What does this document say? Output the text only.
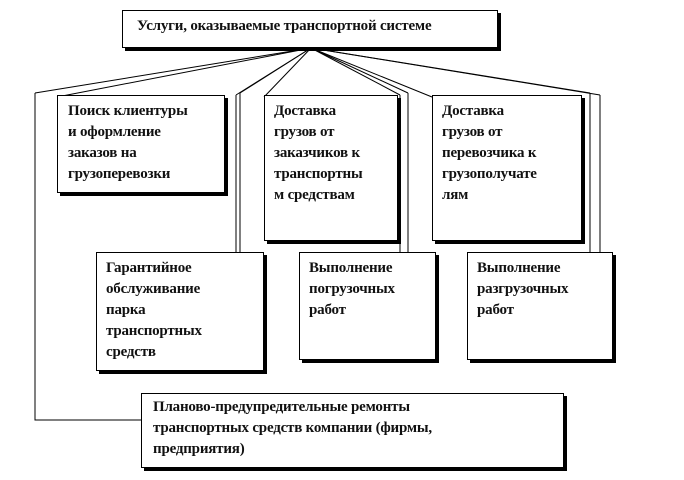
Услуги, оказываемые транспортной системе
Поиск клиентуры
и оформление
заказов на
грузоперевозки
Доставка
грузов от
заказчиков к
транспортны
м средствам
Доставка
грузов от
перевозчика к
грузополучате
лям
Гарантийное
обслуживание
парка
транспортных
средств
Выполнение
погрузочных
работ
Выполнение
разгрузочных
работ
Планово-предупредительные ремонты
транспортных средств компании (фирмы,
предприятия)
